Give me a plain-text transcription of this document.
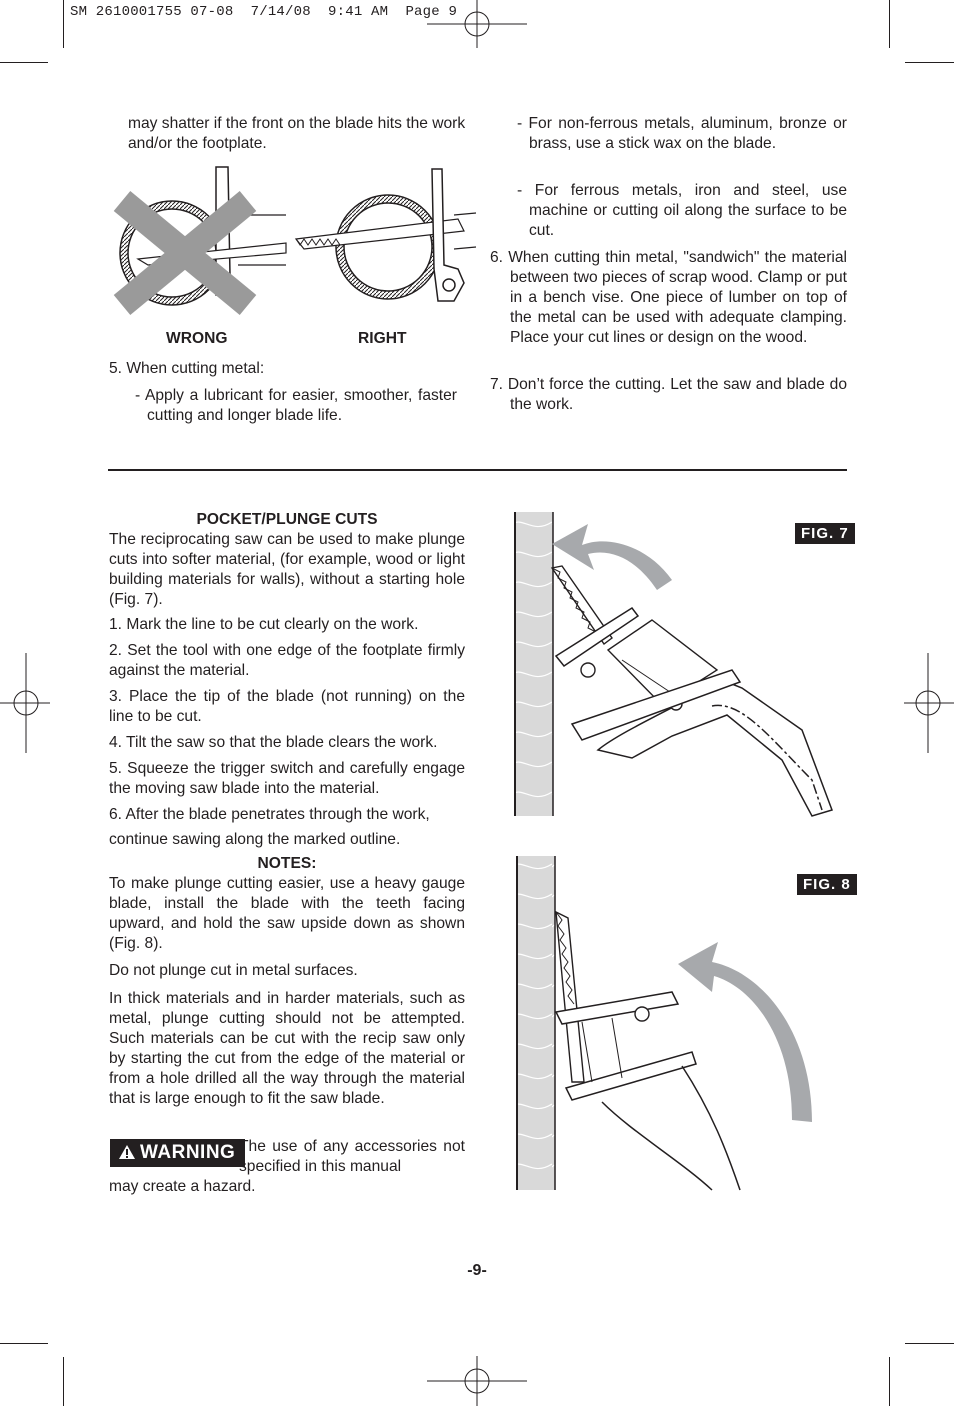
SM 2610001755 07-08  7/14/08  9:41 AM  Page 9

may shatter if the front on the blade hits the work and/or the footplate.

WRONG	RIGHT

5. When cutting metal:

- Apply a lubricant for easier, smoother, faster cutting and longer blade life.

- For non-ferrous metals, aluminum, bronze or brass, use a stick wax on the blade.

- For ferrous metals, iron and steel, use machine or cutting oil along the surface to be cut.

6. When cutting thin metal, "sandwich" the material between two pieces of scrap wood. Clamp or put in a bench vise. One piece of lumber on top of the metal can be used with adequate clamping. Place your cut lines or design on the wood.

7. Don’t force the cutting. Let the saw and blade do the work.

POCKET/PLUNGE CUTS

The reciprocating saw can be used to make plunge cuts into softer material, (for example, wood or light building materials for walls), without a starting hole (Fig. 7).

1. Mark the line to be cut clearly on the work.

2. Set the tool with one edge of the footplate firmly against the material.

3. Place the tip of the blade (not running) on the line to be cut.

4. Tilt the saw so that the blade clears the work.

5. Squeeze the trigger switch and carefully engage the moving saw blade into the material.

6. After the blade penetrates through the work,

continue sawing along the marked outline.

NOTES:

To make plunge cutting easier, use a heavy gauge blade, install the blade with the teeth facing upward, and hold the saw upside down as shown (Fig. 8).

Do not plunge cut in metal surfaces.

In thick materials and in harder materials, such as metal, plunge cutting should not be attempted. Such materials can be cut with the recip saw only by starting the cut from the edge of the material or from a hole drilled all the way through the material that is large enough to fit the saw blade.

WARNING The use of any accessories not specified in this manual

may create a hazard.

FIG. 7
FIG. 8
-9-
